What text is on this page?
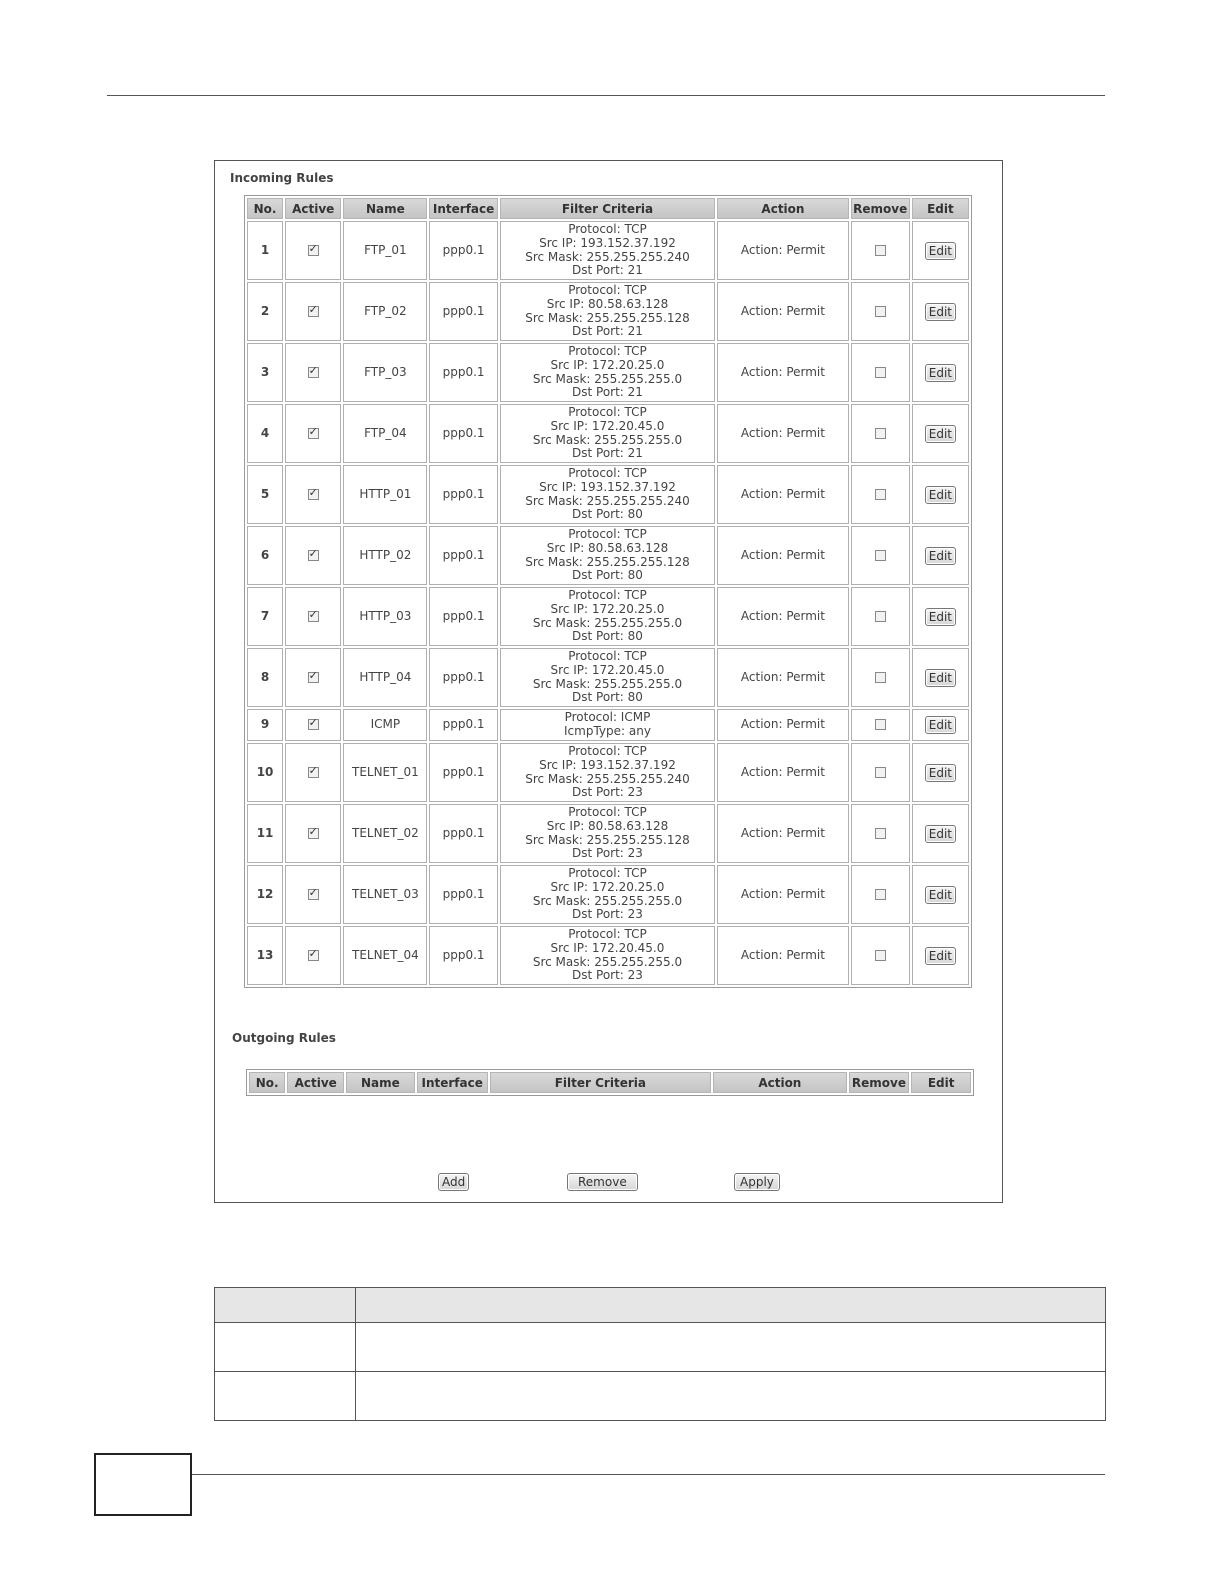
Incoming Rules
No.	Active	Name	Interface	Filter Criteria	Action	Remove	Edit
1	✓	FTP_01	ppp0.1	Protocol: TCP
Src IP: 193.152.37.192
Src Mask: 255.255.255.240
Dst Port: 21	Action: Permit		Edit
2	✓	FTP_02	ppp0.1	Protocol: TCP
Src IP: 80.58.63.128
Src Mask: 255.255.255.128
Dst Port: 21	Action: Permit		Edit
3	✓	FTP_03	ppp0.1	Protocol: TCP
Src IP: 172.20.25.0
Src Mask: 255.255.255.0
Dst Port: 21	Action: Permit		Edit
4	✓	FTP_04	ppp0.1	Protocol: TCP
Src IP: 172.20.45.0
Src Mask: 255.255.255.0
Dst Port: 21	Action: Permit		Edit
5	✓	HTTP_01	ppp0.1	Protocol: TCP
Src IP: 193.152.37.192
Src Mask: 255.255.255.240
Dst Port: 80	Action: Permit		Edit
6	✓	HTTP_02	ppp0.1	Protocol: TCP
Src IP: 80.58.63.128
Src Mask: 255.255.255.128
Dst Port: 80	Action: Permit		Edit
7	✓	HTTP_03	ppp0.1	Protocol: TCP
Src IP: 172.20.25.0
Src Mask: 255.255.255.0
Dst Port: 80	Action: Permit		Edit
8	✓	HTTP_04	ppp0.1	Protocol: TCP
Src IP: 172.20.45.0
Src Mask: 255.255.255.0
Dst Port: 80	Action: Permit		Edit
9	✓	ICMP	ppp0.1	Protocol: ICMP
IcmpType: any	Action: Permit		Edit
10	✓	TELNET_01	ppp0.1	Protocol: TCP
Src IP: 193.152.37.192
Src Mask: 255.255.255.240
Dst Port: 23	Action: Permit		Edit
11	✓	TELNET_02	ppp0.1	Protocol: TCP
Src IP: 80.58.63.128
Src Mask: 255.255.255.128
Dst Port: 23	Action: Permit		Edit
12	✓	TELNET_03	ppp0.1	Protocol: TCP
Src IP: 172.20.25.0
Src Mask: 255.255.255.0
Dst Port: 23	Action: Permit		Edit
13	✓	TELNET_04	ppp0.1	Protocol: TCP
Src IP: 172.20.45.0
Src Mask: 255.255.255.0
Dst Port: 23	Action: Permit		Edit
Outgoing Rules
No.	Active	Name	Interface	Filter Criteria	Action	Remove	Edit
Add	Remove	Apply
